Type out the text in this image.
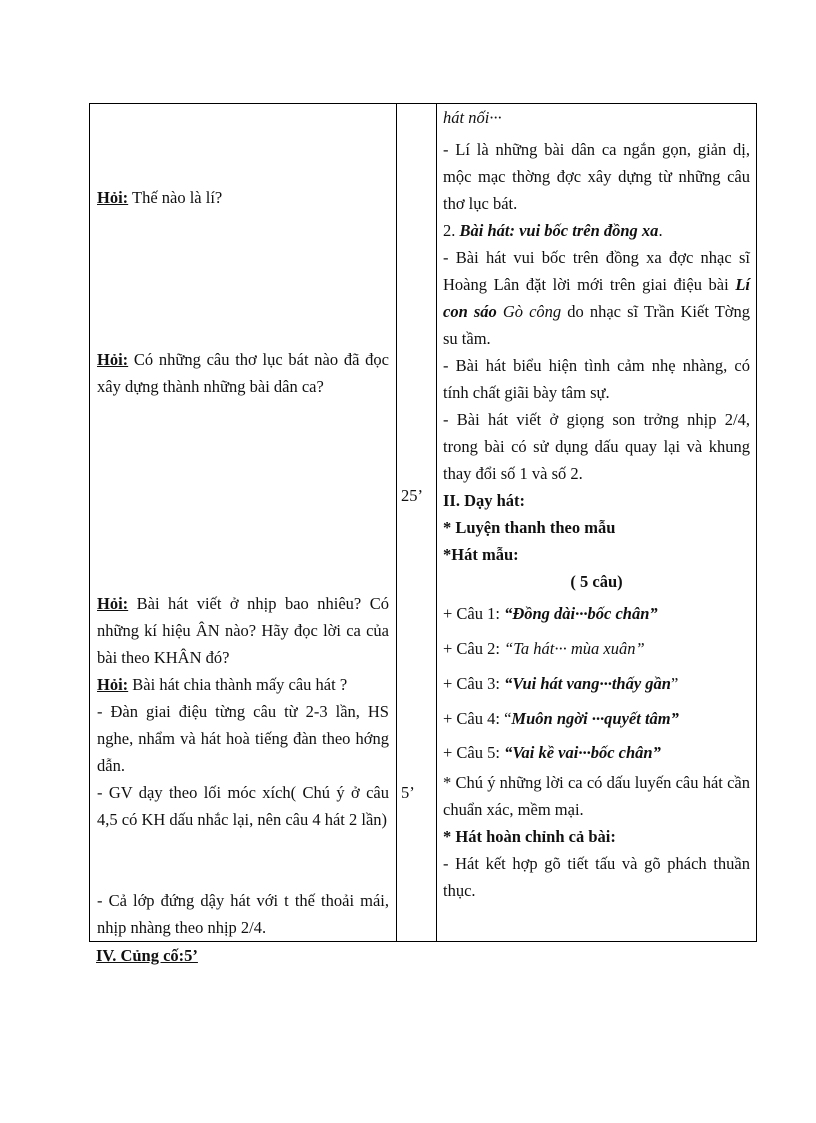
Hỏi: Thế nào là lí?
Hỏi: Có những câu thơ lục bát nào đã đọc xây dựng thành những bài dân ca?
Hỏi: Bài hát viết ở nhịp bao nhiêu? Có những kí hiệu ÂN nào? Hãy đọc lời ca của bài theo KHÂN đó?
Hỏi: Bài hát chia thành mấy câu hát ?
- Đàn giai điệu từng câu từ 2-3 lần, HS nghe, nhẩm và hát hoà tiếng đàn theo hớng dẫn.
- GV dạy theo lối móc xích( Chú ý ở câu 4,5 có KH dấu nhắc lại, nên câu 4 hát 2 lần)
- Cả lớp đứng dậy hát với t thế thoải mái, nhịp nhàng theo nhịp 2/4.
25’
5’
hát nối···
- Lí là những bài dân ca ngắn gọn, giản dị, mộc mạc thờng đợc xây dựng từ những câu thơ lục bát.
2. Bài hát: vui bốc trên đồng xa.
- Bài hát vui bốc trên đồng xa đợc nhạc sĩ Hoàng Lân đặt lời mới trên giai điệu bài Lí con sáo Gò công do nhạc sĩ Trần Kiết Tờng su tầm.
- Bài hát biểu hiện tình cảm nhẹ nhàng, có tính chất giãi bày tâm sự.
- Bài hát viết ở giọng son trởng nhịp 2/4, trong bài có sử dụng dấu quay lại và khung thay đổi số 1 và số 2.
II. Dạy hát:
* Luyện thanh theo mẫu
*Hát mẫu:
( 5 câu)
+ Câu 1: “Đồng dài···bốc chân”
+ Câu 2: “Ta hát··· mùa xuân”
+ Câu 3: “Vui hát vang···thấy gần”
+ Câu 4: “Muôn ngời ···quyết tâm”
+ Câu 5: “Vai kề vai···bốc chân”
* Chú ý những lời ca có dấu luyến câu hát cần chuẩn xác, mềm mại.
* Hát hoàn chỉnh cả bài:
- Hát kết hợp gõ tiết tấu và gõ phách thuần thục.
IV. Củng cố:5’
